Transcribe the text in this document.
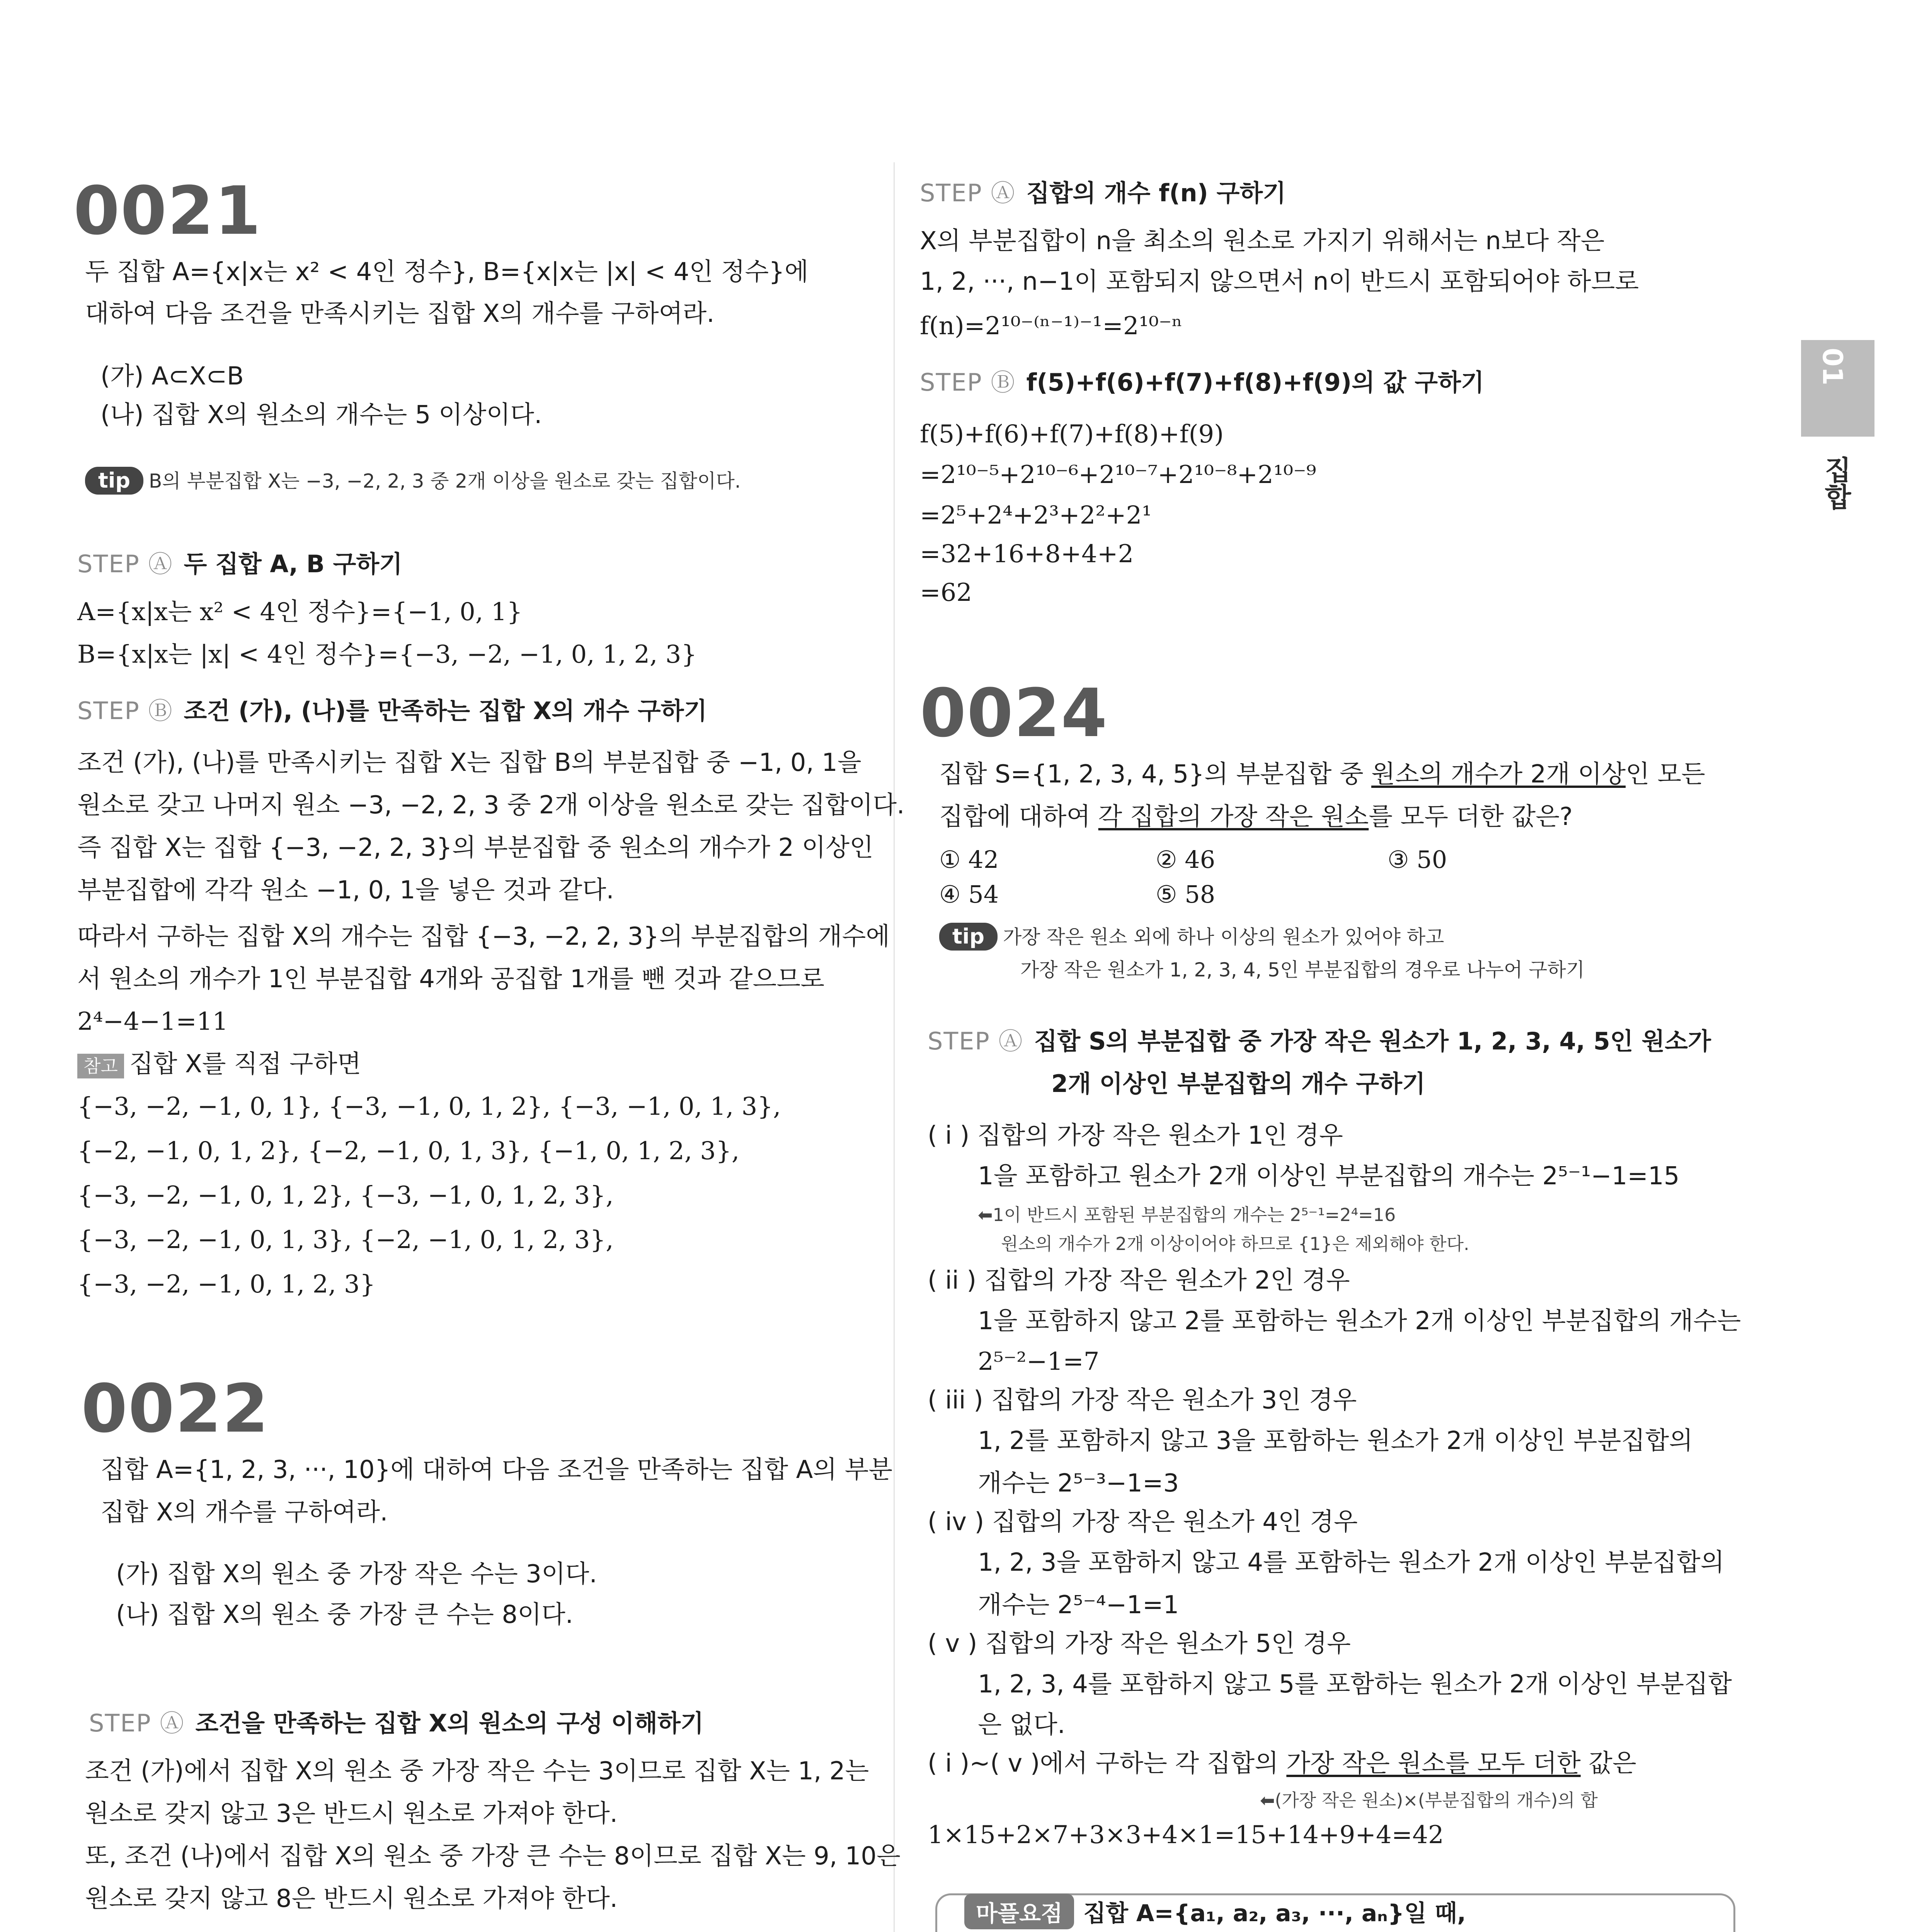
01
집합
0021

두 집합 A={x|x는 x² < 4인 정수}, B={x|x는 |x| < 4인 정수}에

대하여 다음 조건을 만족시키는 집합 X의 개수를 구하여라.

(가) A⊂X⊂B

(나) 집합 X의 원소의 개수는 5 이상이다.

tip B의 부분집합 X는 −3, −2, 2, 3 중 2개 이상을 원소로 갖는 집합이다.
STEP Ⓐ 두 집합 A, B 구하기

A={x|x는 x² < 4인 정수}={−1, 0, 1}

B={x|x는 |x| < 4인 정수}={−3, −2, −1, 0, 1, 2, 3}

STEP Ⓑ 조건 (가), (나)를 만족하는 집합 X의 개수 구하기

조건 (가), (나)를 만족시키는 집합 X는 집합 B의 부분집합 중 −1, 0, 1을

원소로 갖고 나머지 원소 −3, −2, 2, 3 중 2개 이상을 원소로 갖는 집합이다.

즉 집합 X는 집합 {−3, −2, 2, 3}의 부분집합 중 원소의 개수가 2 이상인

부분집합에 각각 원소 −1, 0, 1을 넣은 것과 같다.

따라서 구하는 집합 X의 개수는 집합 {−3, −2, 2, 3}의 부분집합의 개수에

서 원소의 개수가 1인 부분집합 4개와 공집합 1개를 뺀 것과 같으므로

2⁴−4−1=11

참고 집합 X를 직접 구하면

{−3, −2, −1, 0, 1}, {−3, −1, 0, 1, 2}, {−3, −1, 0, 1, 3},

{−2, −1, 0, 1, 2}, {−2, −1, 0, 1, 3}, {−1, 0, 1, 2, 3},

{−3, −2, −1, 0, 1, 2}, {−3, −1, 0, 1, 2, 3},

{−3, −2, −1, 0, 1, 3}, {−2, −1, 0, 1, 2, 3},

{−3, −2, −1, 0, 1, 2, 3}

0022

집합 A={1, 2, 3, ···, 10}에 대하여 다음 조건을 만족하는 집합 A의 부분

집합 X의 개수를 구하여라.

(가) 집합 X의 원소 중 가장 작은 수는 3이다.

(나) 집합 X의 원소 중 가장 큰 수는 8이다.

STEP Ⓐ 조건을 만족하는 집합 X의 원소의 구성 이해하기

조건 (가)에서 집합 X의 원소 중 가장 작은 수는 3이므로 집합 X는 1, 2는

원소로 갖지 않고 3은 반드시 원소로 가져야 한다.

또, 조건 (나)에서 집합 X의 원소 중 가장 큰 수는 8이므로 집합 X는 9, 10은

원소로 갖지 않고 8은 반드시 원소로 가져야 한다.

STEP Ⓐ 집합의 개수 f(n) 구하기

X의 부분집합이 n을 최소의 원소로 가지기 위해서는 n보다 작은

1, 2, ···, n−1이 포함되지 않으면서 n이 반드시 포함되어야 하므로

f(n)=2¹⁰⁻⁽ⁿ⁻¹⁾⁻¹=2¹⁰⁻ⁿ

STEP Ⓑ f(5)+f(6)+f(7)+f(8)+f(9)의 값 구하기

f(5)+f(6)+f(7)+f(8)+f(9)

=2¹⁰⁻⁵+2¹⁰⁻⁶+2¹⁰⁻⁷+2¹⁰⁻⁸+2¹⁰⁻⁹

=2⁵+2⁴+2³+2²+2¹

=32+16+8+4+2

=62

0024

집합 S={1, 2, 3, 4, 5}의 부분집합 중 원소의 개수가 2개 이상인 모든

집합에 대하여 각 집합의 가장 작은 원소를 모두 더한 값은?

① 42	② 46	③ 50
④ 54	⑤ 58
tip 가장 작은 원소 외에 하나 이상의 원소가 있어야 하고
가장 작은 원소가 1, 2, 3, 4, 5인 부분집합의 경우로 나누어 구하기
STEP Ⓐ 집합 S의 부분집합 중 가장 작은 원소가 1, 2, 3, 4, 5인 원소가
2개 이상인 부분집합의 개수 구하기

( i ) 집합의 가장 작은 원소가 1인 경우

1을 포함하고 원소가 2개 이상인 부분집합의 개수는 2⁵⁻¹−1=15

⬅1이 반드시 포함된 부분집합의 개수는 2⁵⁻¹=2⁴=16
원소의 개수가 2개 이상이어야 하므로 {1}은 제외해야 한다.

( ii ) 집합의 가장 작은 원소가 2인 경우

1을 포함하지 않고 2를 포함하는 원소가 2개 이상인 부분집합의 개수는

2⁵⁻²−1=7

( iii ) 집합의 가장 작은 원소가 3인 경우

1, 2를 포함하지 않고 3을 포함하는 원소가 2개 이상인 부분집합의

개수는 2⁵⁻³−1=3

( iv ) 집합의 가장 작은 원소가 4인 경우

1, 2, 3을 포함하지 않고 4를 포함하는 원소가 2개 이상인 부분집합의

개수는 2⁵⁻⁴−1=1

( v ) 집합의 가장 작은 원소가 5인 경우

1, 2, 3, 4를 포함하지 않고 5를 포함하는 원소가 2개 이상인 부분집합

은 없다.

( i )~( v )에서 구하는 각 집합의 가장 작은 원소를 모두 더한 값은

⬅(가장 작은 원소)×(부분집합의 개수)의 합

1×15+2×7+3×3+4×1=15+14+9+4=42

마플요점 집합 A={a₁, a₂, a₃, ···, aₙ}일 때,
